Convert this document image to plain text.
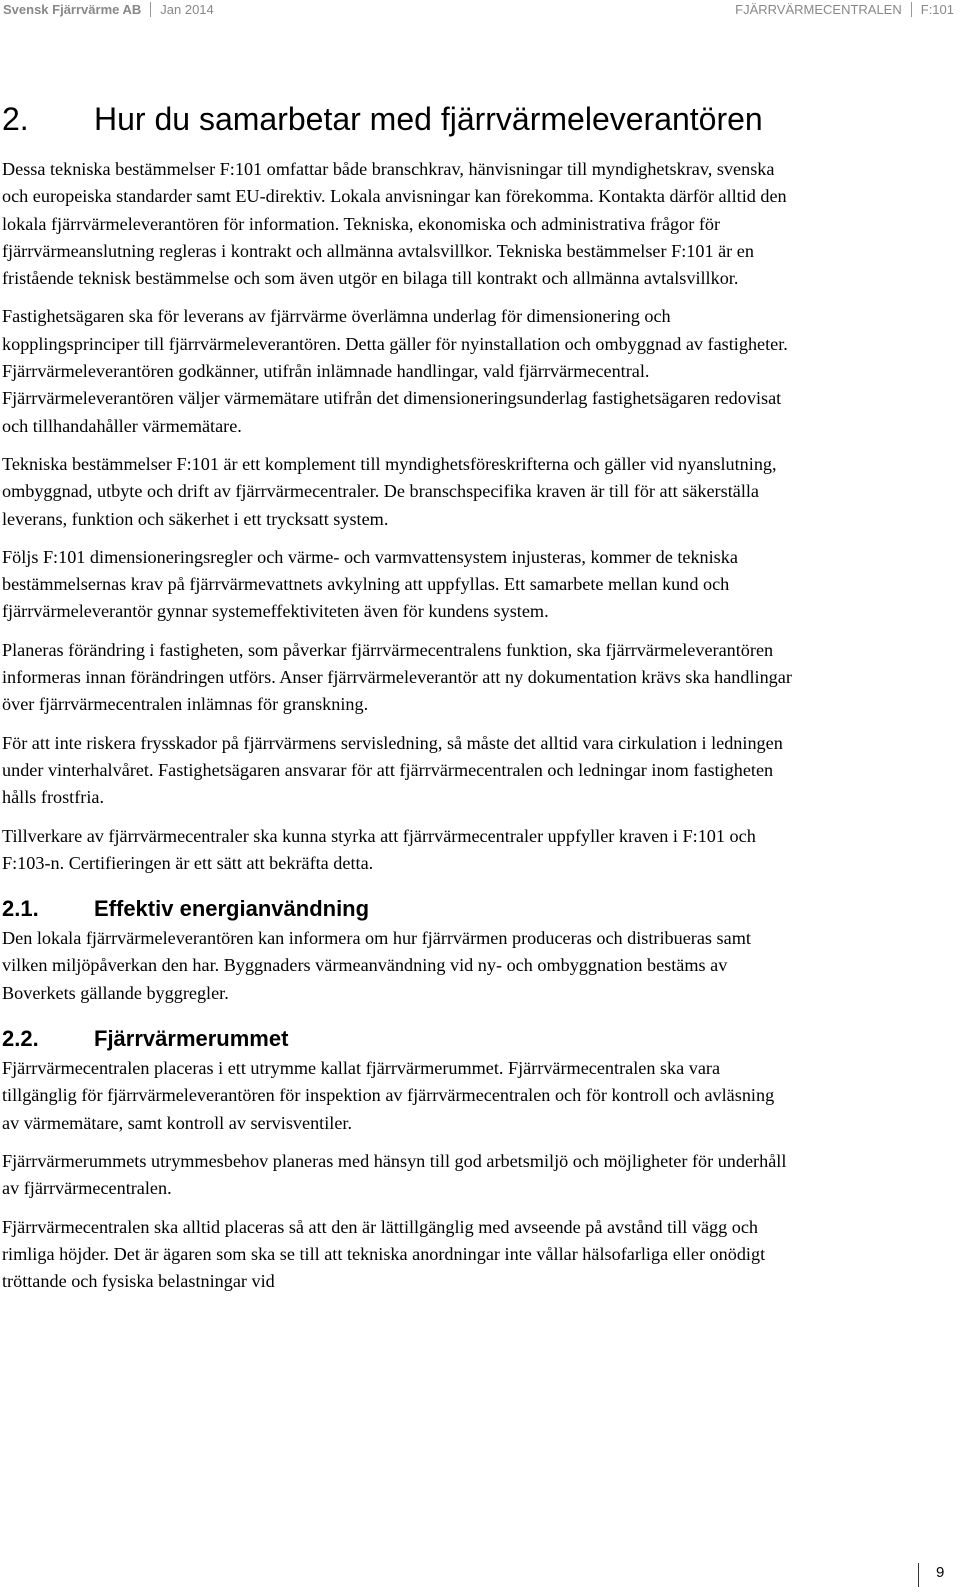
Svensk Fjärrvärme AB Jan 2014	FJÄRRVÄRMECENTRALEN F:101
2.	Hur du samarbetar med fjärrvärmeleverantören

Dessa tekniska bestämmelser F:101 omfattar både branschkrav, hänvisningar till myndighetskrav, svenska och europeiska standarder samt EU-direktiv. Lokala anvisningar kan förekomma. Kontakta därför alltid den lokala fjärrvärmeleverantören för information. Tekniska, ekonomiska och administrativa frågor för fjärrvärmeanslutning regleras i kontrakt och allmänna avtalsvillkor. Tekniska bestämmelser F:101 är en fristående teknisk bestämmelse och som även utgör en bilaga till kontrakt och allmänna avtalsvillkor.

Fastighetsägaren ska för leverans av fjärrvärme överlämna underlag för dimensionering och kopplingsprinciper till fjärrvärmeleverantören. Detta gäller för nyinstallation och ombyggnad av fastigheter. Fjärrvärmeleverantören godkänner, utifrån inlämnade handlingar, vald fjärrvärmecentral. Fjärrvärmeleverantören väljer värmemätare utifrån det dimensioneringsunderlag fastighetsägaren redovisat och tillhandahåller värmemätare.

Tekniska bestämmelser F:101 är ett komplement till myndighetsföreskrifterna och gäller vid nyanslutning, ombyggnad, utbyte och drift av fjärrvärmecentraler. De branschspecifika kraven är till för att säkerställa leverans, funktion och säkerhet i ett trycksatt system.

Följs F:101 dimensioneringsregler och värme- och varmvattensystem injusteras, kommer de tekniska bestämmelsernas krav på fjärrvärmevattnets avkylning att uppfyllas. Ett samarbete mellan kund och fjärrvärmeleverantör gynnar systemeffektiviteten även för kundens system.

Planeras förändring i fastigheten, som påverkar fjärrvärmecentralens funktion, ska fjärrvärmeleverantören informeras innan förändringen utförs. Anser fjärrvärmeleverantör att ny dokumentation krävs ska handlingar över fjärrvärmecentralen inlämnas för granskning.

För att inte riskera frysskador på fjärrvärmens servisledning, så måste det alltid vara cirkulation i ledningen under vinterhalvåret. Fastighetsägaren ansvarar för att fjärrvärmecentralen och ledningar inom fastigheten hålls frostfria.

Tillverkare av fjärrvärmecentraler ska kunna styrka att fjärrvärmecentraler uppfyller kraven i F:101 och F:103-n. Certifieringen är ett sätt att bekräfta detta.

2.1.	Effektiv energianvändning

Den lokala fjärrvärmeleverantören kan informera om hur fjärrvärmen produceras och distribueras samt vilken miljöpåverkan den har. Byggnaders värmeanvändning vid ny- och ombyggnation bestäms av Boverkets gällande byggregler.

2.2.	Fjärrvärmerummet

Fjärrvärmecentralen placeras i ett utrymme kallat fjärrvärmerummet. Fjärrvärmecentralen ska vara tillgänglig för fjärrvärmeleverantören för inspektion av fjärrvärmecentralen och för kontroll och avläsning av värmemätare, samt kontroll av servisventiler.

Fjärrvärmerummets utrymmesbehov planeras med hänsyn till god arbetsmiljö och möjligheter för underhåll av fjärrvärmecentralen.

Fjärrvärmecentralen ska alltid placeras så att den är lättillgänglig med avseende på avstånd till vägg och rimliga höjder. Det är ägaren som ska se till att tekniska anordningar inte vållar hälsofarliga eller onödigt tröttande och fysiska belastningar vid

9
